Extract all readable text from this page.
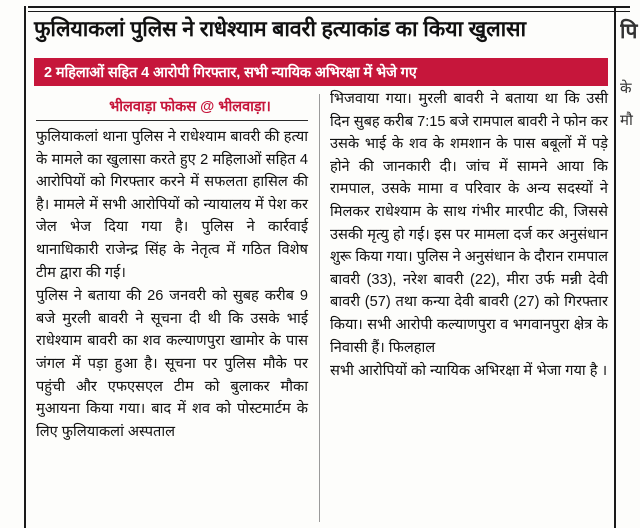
फुलियाकलां पुलिस ने राधेश्याम बावरी हत्याकांड का किया खुलासा
2 महिलाओं सहित 4 आरोपी गिरफ्तार, सभी न्यायिक अभिरक्षा में भेजे गए
भीलवाड़ा फोकस @ भीलवाड़ा।

फुलियाकलां थाना पुलिस ने राधेश्याम बावरी की हत्या के मामले का खुलासा करते हुए 2 महिलाओं सहित 4 आरोपियों को गिरफ्तार करने में सफलता हासिल की है। मामले में सभी आरोपियों को न्यायालय में पेश कर जेल भेज दिया गया है। पुलिस ने कार्रवाई थानाधिकारी राजेन्द्र सिंह के नेतृत्व में गठित विशेष टीम द्वारा की गई।

पुलिस ने बताया की 26 जनवरी को सुबह करीब 9 बजे मुरली बावरी ने सूचना दी थी कि उसके भाई राधेश्याम बावरी का शव कल्याणपुरा खामोर के पास जंगल में पड़ा हुआ है। सूचना पर पुलिस मौके पर पहुंची और एफएसएल टीम को बुलाकर मौका मुआयना किया गया। बाद में शव को पोस्टमार्टम के लिए फुलियाकलां अस्पताल

भिजवाया गया। मुरली बावरी ने बताया था कि उसी दिन सुबह करीब 7:15 बजे रामपाल बावरी ने फोन कर उसके भाई के शव के शमशान के पास बबूलों में पड़े होने की जानकारी दी। जांच में सामने आया कि रामपाल, उसके मामा व परिवार के अन्य सदस्यों ने मिलकर राधेश्याम के साथ गंभीर मारपीट की, जिससे उसकी मृत्यु हो गई। इस पर मामला दर्ज कर अनुसंधान शुरू किया गया। पुलिस ने अनुसंधान के दौरान रामपाल बावरी (33), नरेश बावरी (22), मीरा उर्फ मन्नी देवी बावरी (57) तथा कन्या देवी बावरी (27) को गिरफ्तार किया। सभी आरोपी कल्याणपुरा व भगवानपुरा क्षेत्र के निवासी हैं। फिलहाल

सभी आरोपियों को न्यायिक अभिरक्षा में भेजा गया है ।

पि
के
मौ
